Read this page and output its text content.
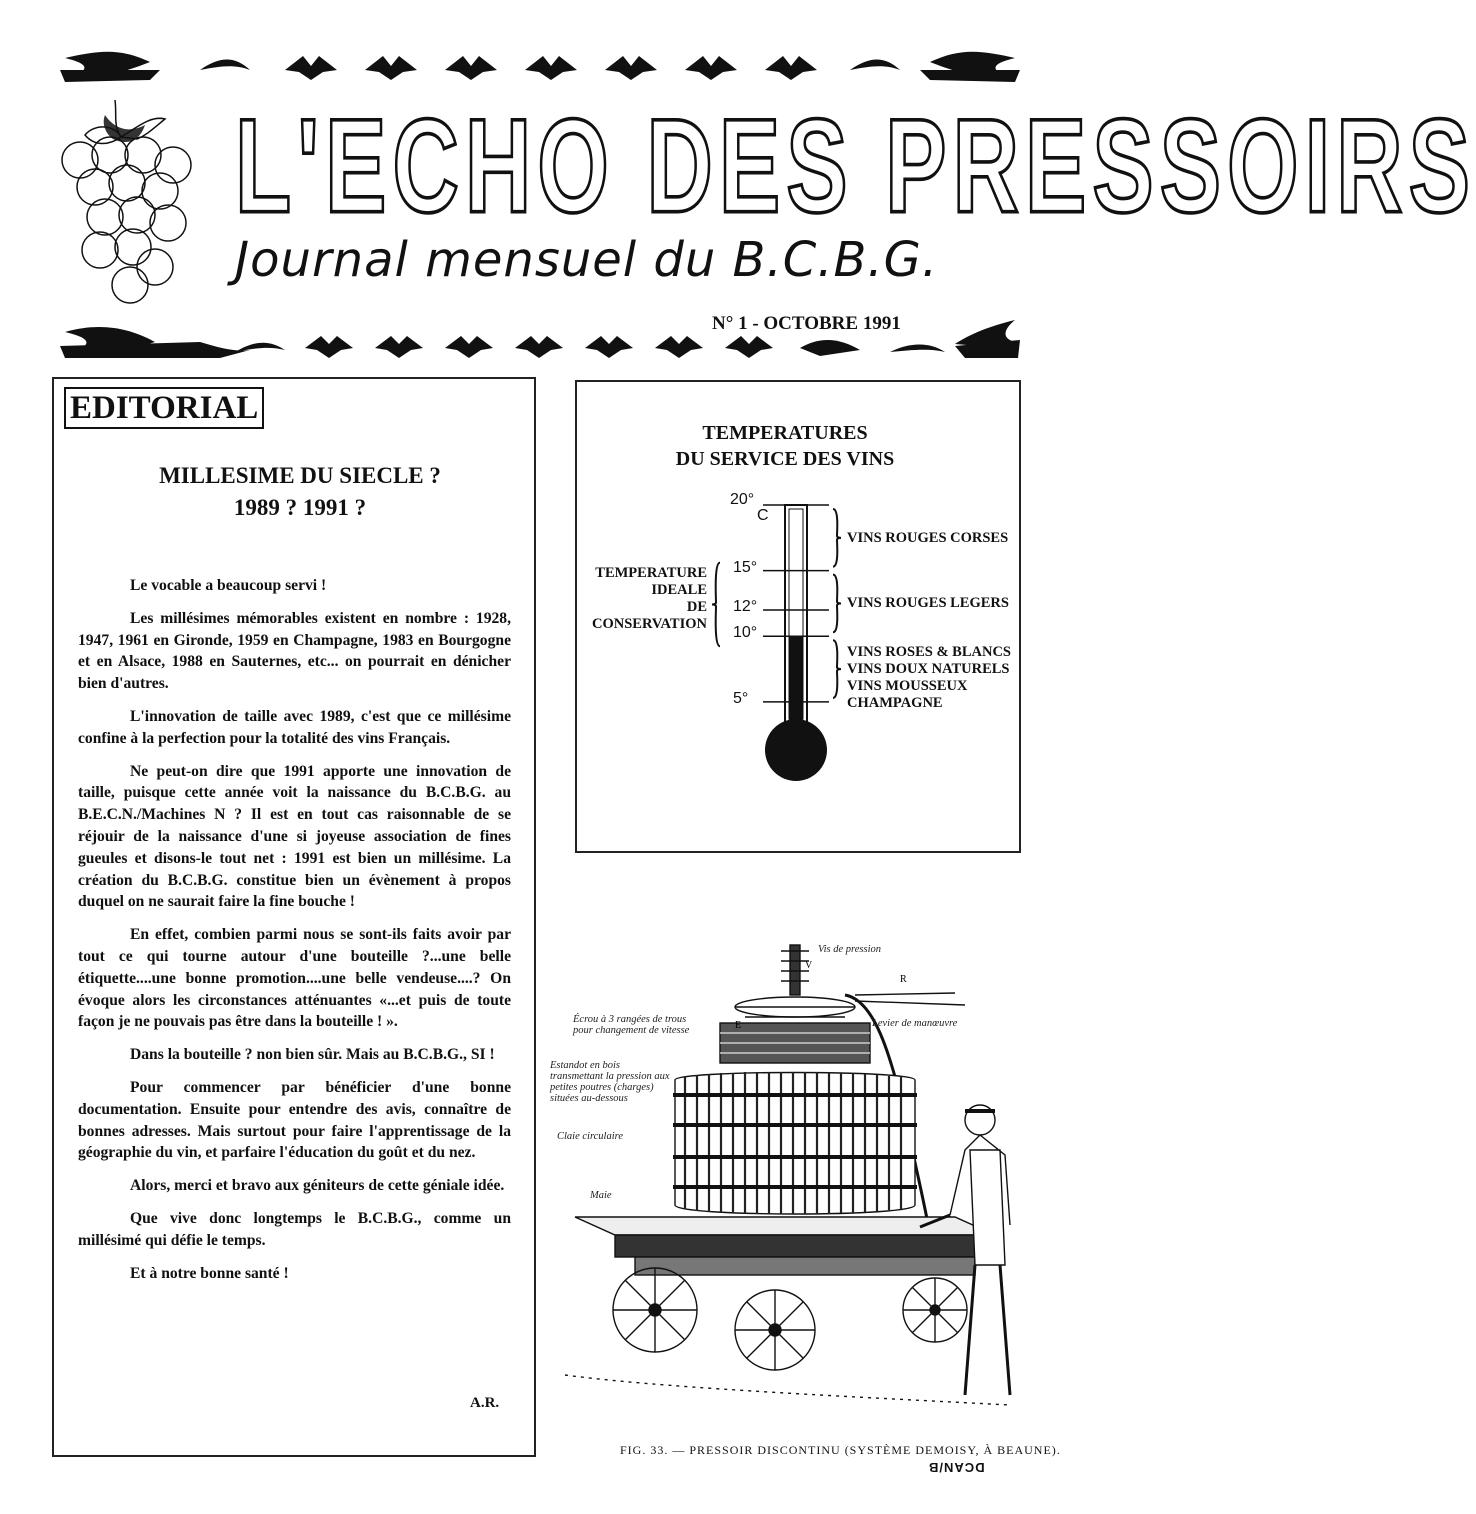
L'ECHO DES PRESSOIRS
Journal mensuel du B.C.B.G.
N° 1 - OCTOBRE 1991
EDITORIAL
MILLESIME DU SIECLE ?
1989 ? 1991 ?

Le vocable a beaucoup servi !

Les millésimes mémorables existent en nombre : 1928, 1947, 1961 en Gironde, 1959 en Champagne, 1983 en Bourgogne et en Alsace, 1988 en Sauternes, etc... on pourrait en dénicher bien d'autres.

L'innovation de taille avec 1989, c'est que ce millésime confine à la perfection pour la totalité des vins Français.

Ne peut-on dire que 1991 apporte une innovation de taille, puisque cette année voit la naissance du B.C.B.G. au B.E.C.N./Machines N ? Il est en tout cas raisonnable de se réjouir de la naissance d'une si joyeuse association de fines gueules et disons-le tout net : 1991 est bien un millésime. La création du B.C.B.G. constitue bien un évènement à propos duquel on ne saurait faire la fine bouche !

En effet, combien parmi nous se sont-ils faits avoir par tout ce qui tourne autour d'une bouteille ?...une belle étiquette....une bonne promotion....une belle vendeuse....? On évoque alors les circonstances atténuantes «...et puis de toute façon je ne pouvais pas être dans la bouteille ! ».

Dans la bouteille ? non bien sûr. Mais au B.C.B.G., SI !

Pour commencer par bénéficier d'une bonne documentation. Ensuite pour entendre des avis, connaître de bonnes adresses. Mais surtout pour faire l'apprentissage de la géographie du vin, et parfaire l'éducation du goût et du nez.

Alors, merci et bravo aux géniteurs de cette géniale idée.

Que vive donc longtemps le B.C.B.G., comme un millésimé qui défie le temps.

Et à notre bonne santé !

A.R.
TEMPERATURES
DU SERVICE DES VINS
20°
C
15°
12°
10°
5°
TEMPERATURE
IDEALE
DE
CONSERVATION
VINS ROUGES CORSES
VINS ROUGES LEGERS
VINS ROSES & BLANCS
VINS DOUX NATURELS
VINS MOUSSEUX
CHAMPAGNE
V
R
E
Vis de pression
Levier de manœuvre
Écrou à 3 rangées de trous pour changement de vitesse
Estandot en bois transmettant la pression aux petites poutres (charges) situées au-dessous
Claie circulaire
Maie
FIG. 33. — PRESSOIR DISCONTINU (SYSTÈME DEMOISY, À BEAUNE).
DCAN/B
